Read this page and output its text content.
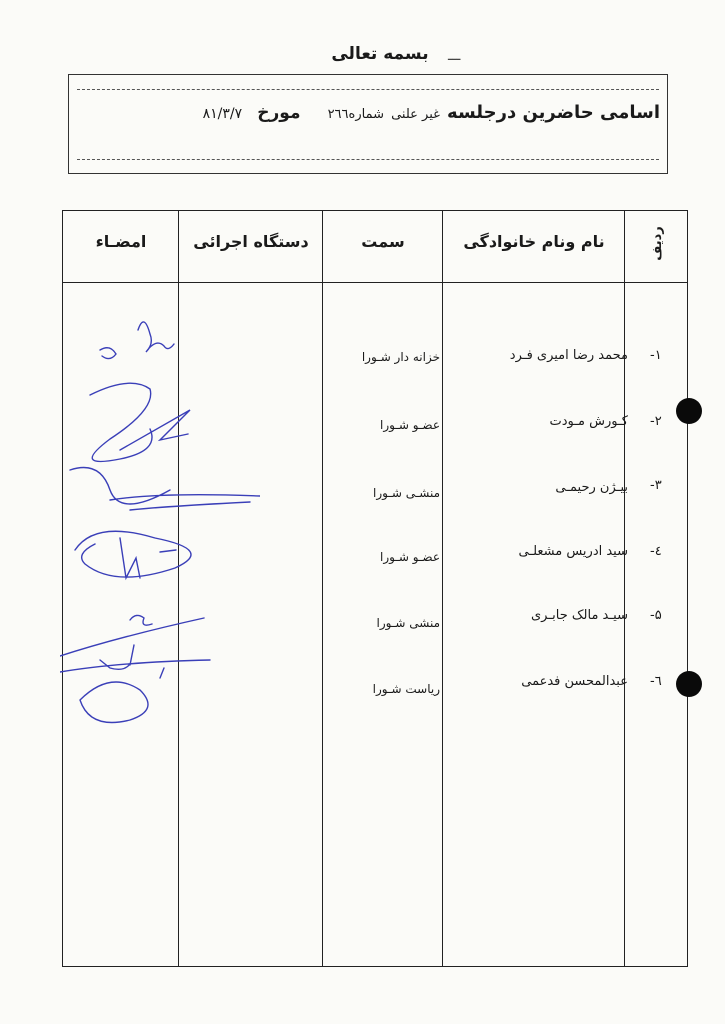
بسمه تعالی	ـــ
اسامی حاضرین درجلسه غیر علنی شماره۲٦٦ مورخ ۸۱/۳/۷
ردیف
نام ونام خانوادگی
سمت
دستگاه اجرائی
امضـاء
-۱
محمد رضا امیری فـرد
خزانه دار شـورا
-۲
کـورش مـودت
عضـو شـورا
-۳
بیـژن رحیمـی
منشـی شـورا
-٤
سید ادریس مشعلـی
عضـو شـورا
-۵
سیـد مالک جابـری
منشی شـورا
-٦
عبدالمحسن فدعمی
ریاست شـورا
